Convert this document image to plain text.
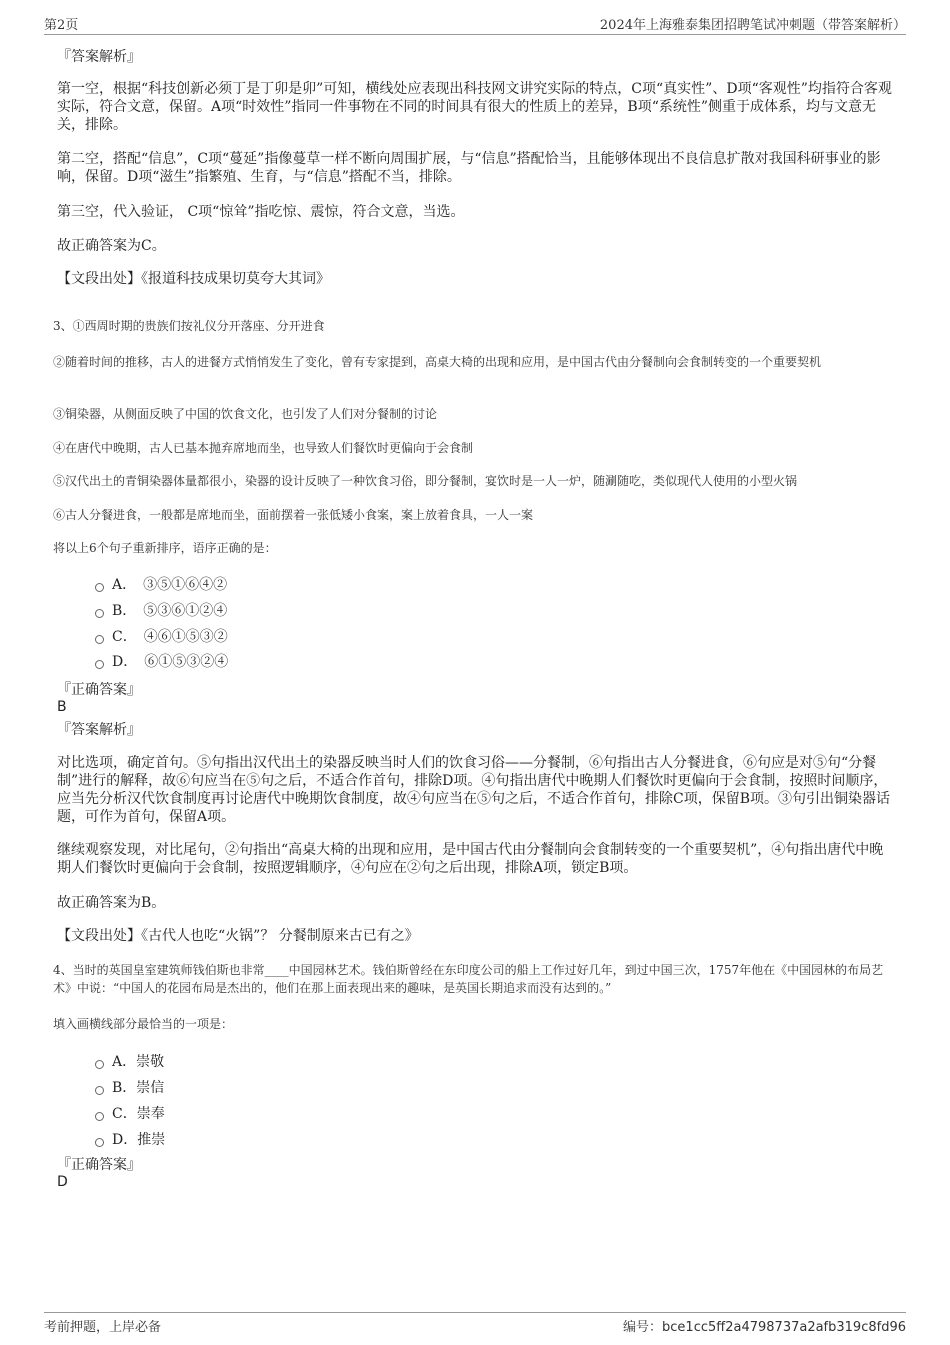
第2页	2024年上海雅泰集团招聘笔试冲刺题（带答案解析）
『答案解析』
第一空，根据“科技创新必须丁是丁卯是卯”可知，横线处应表现出科技网文讲究实际的特点，C项“真实性”、D项“客观性”均指符合客观实际，符合文意，保留。A项“时效性”指同一件事物在不同的时间具有很大的性质上的差异，B项“系统性”侧重于成体系，均与文意无关，排除。
第二空，搭配“信息”，C项“蔓延”指像蔓草一样不断向周围扩展，与“信息”搭配恰当，且能够体现出不良信息扩散对我国科研事业的影响，保留。D项“滋生”指繁殖、生育，与“信息”搭配不当，排除。
第三空，代入验证， C项“惊耸”指吃惊、震惊，符合文意，当选。
故正确答案为C。
【文段出处】《报道科技成果切莫夸大其词》
3、①西周时期的贵族们按礼仪分开落座、分开进食
②随着时间的推移，古人的进餐方式悄悄发生了变化，曾有专家提到，高桌大椅的出现和应用，是中国古代由分餐制向会食制转变的一个重要契机
③铜染器，从侧面反映了中国的饮食文化，也引发了人们对分餐制的讨论
④在唐代中晚期，古人已基本抛弃席地而坐，也导致人们餐饮时更偏向于会食制
⑤汉代出土的青铜染器体量都很小，染器的设计反映了一种饮食习俗，即分餐制，宴饮时是一人一炉，随涮随吃，类似现代人使用的小型火锅
⑥古人分餐进食，一般都是席地而坐，面前摆着一张低矮小食案，案上放着食具，一人一案
将以上6个句子重新排序，语序正确的是：
A．　③⑤①⑥④②
B．　⑤③⑥①②④
C．　④⑥①⑤③②
D．　⑥①⑤③②④
『正确答案』
B
『答案解析』
对比选项，确定首句。⑤句指出汉代出土的染器反映当时人们的饮食习俗——分餐制，⑥句指出古人分餐进食，⑥句应是对⑤句“分餐制”进行的解释，故⑥句应当在⑤句之后，不适合作首句，排除D项。④句指出唐代中晚期人们餐饮时更偏向于会食制，按照时间顺序，应当先分析汉代饮食制度再讨论唐代中晚期饮食制度，故④句应当在⑤句之后，不适合作首句，排除C项，保留B项。③句引出铜染器话题，可作为首句，保留A项。
继续观察发现，对比尾句，②句指出“高桌大椅的出现和应用，是中国古代由分餐制向会食制转变的一个重要契机”，④句指出唐代中晚期人们餐饮时更偏向于会食制，按照逻辑顺序，④句应在②句之后出现，排除A项，锁定B项。
故正确答案为B。
【文段出处】《古代人也吃“火锅”？ 分餐制原来古已有之》
4、当时的英国皇室建筑师钱伯斯也非常____中国园林艺术。钱伯斯曾经在东印度公司的船上工作过好几年，到过中国三次，1757年他在《中国园林的布局艺术》中说：“中国人的花园布局是杰出的，他们在那上面表现出来的趣味，是英国长期追求而没有达到的。”
填入画横线部分最恰当的一项是：
A．崇敬
B．崇信
C．崇奉
D．推崇
『正确答案』
D
考前押题，上岸必备	编号：bce1cc5ff2a4798737a2afb319c8fd96
